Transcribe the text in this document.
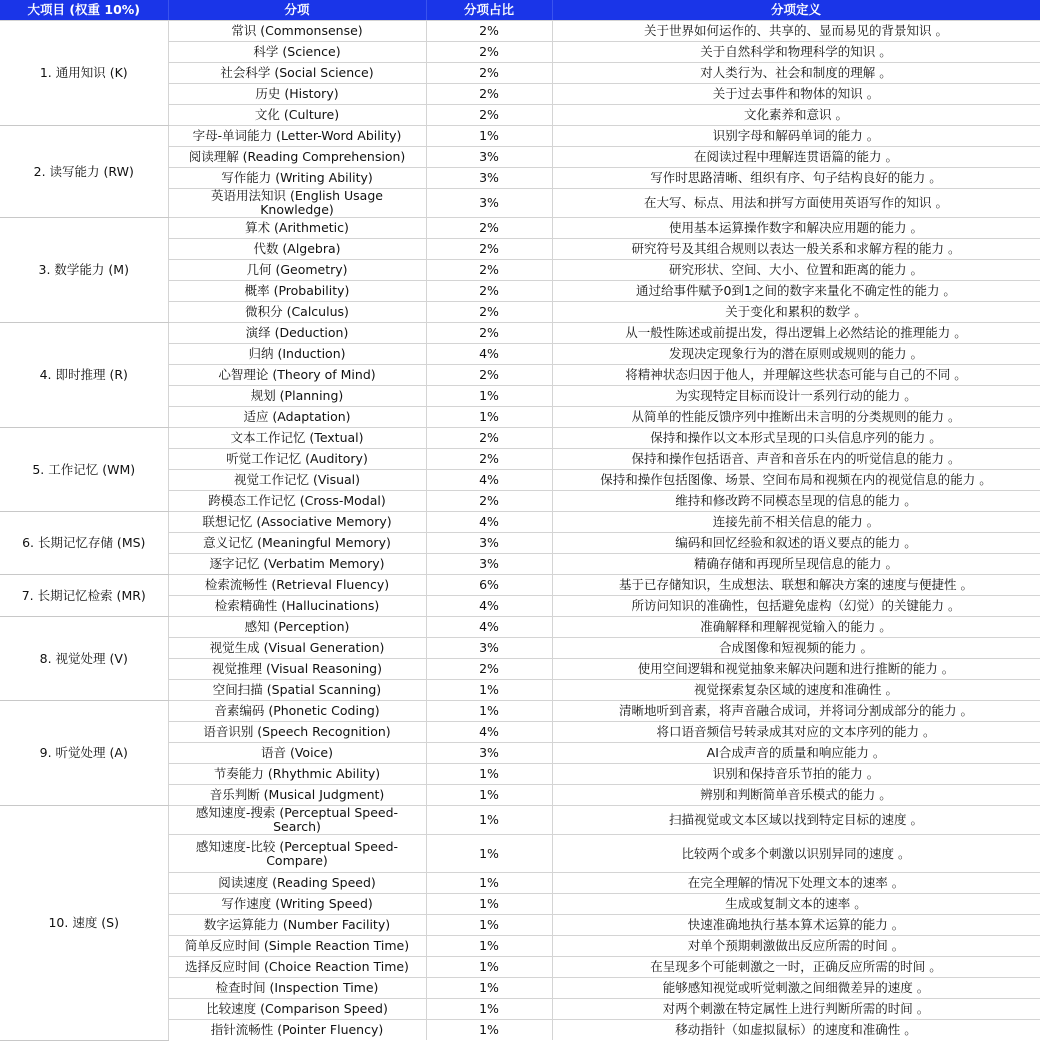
大项目 (权重 10%)	分项	分项占比	分项定义
1. 通用知识 (K)	常识 (Commonsense)	2%	关于世界如何运作的、共享的、显而易见的背景知识 。
	科学 (Science)	2%	关于自然科学和物理科学的知识 。
	社会科学 (Social Science)	2%	对人类行为、社会和制度的理解 。
	历史 (History)	2%	关于过去事件和物体的知识 。
	文化 (Culture)	2%	文化素养和意识 。
2. 读写能力 (RW)	字母-单词能力 (Letter-Word Ability)	1%	识别字母和解码单词的能力 。
	阅读理解 (Reading Comprehension)	3%	在阅读过程中理解连贯语篇的能力 。
	写作能力 (Writing Ability)	3%	写作时思路清晰、组织有序、句子结构良好的能力 。
	英语用法知识 (English Usage Knowledge)	3%	在大写、标点、用法和拼写方面使用英语写作的知识 。
3. 数学能力 (M)	算术 (Arithmetic)	2%	使用基本运算操作数字和解决应用题的能力 。
	代数 (Algebra)	2%	研究符号及其组合规则以表达一般关系和求解方程的能力 。
	几何 (Geometry)	2%	研究形状、空间、大小、位置和距离的能力 。
	概率 (Probability)	2%	通过给事件赋予0到1之间的数字来量化不确定性的能力 。
	微积分 (Calculus)	2%	关于变化和累积的数学 。
4. 即时推理 (R)	演绎 (Deduction)	2%	从一般性陈述或前提出发，得出逻辑上必然结论的推理能力 。
	归纳 (Induction)	4%	发现决定现象行为的潜在原则或规则的能力 。
	心智理论 (Theory of Mind)	2%	将精神状态归因于他人，并理解这些状态可能与自己的不同 。
	规划 (Planning)	1%	为实现特定目标而设计一系列行动的能力 。
	适应 (Adaptation)	1%	从简单的性能反馈序列中推断出未言明的分类规则的能力 。
5. 工作记忆 (WM)	文本工作记忆 (Textual)	2%	保持和操作以文本形式呈现的口头信息序列的能力 。
	听觉工作记忆 (Auditory)	2%	保持和操作包括语音、声音和音乐在内的听觉信息的能力 。
	视觉工作记忆 (Visual)	4%	保持和操作包括图像、场景、空间布局和视频在内的视觉信息的能力 。
	跨模态工作记忆 (Cross-Modal)	2%	维持和修改跨不同模态呈现的信息的能力 。
6. 长期记忆存储 (MS)	联想记忆 (Associative Memory)	4%	连接先前不相关信息的能力 。
	意义记忆 (Meaningful Memory)	3%	编码和回忆经验和叙述的语义要点的能力 。
	逐字记忆 (Verbatim Memory)	3%	精确存储和再现所呈现信息的能力 。
7. 长期记忆检索 (MR)	检索流畅性 (Retrieval Fluency)	6%	基于已存储知识，生成想法、联想和解决方案的速度与便捷性 。
	检索精确性 (Hallucinations)	4%	所访问知识的准确性，包括避免虚构（幻觉）的关键能力 。
8. 视觉处理 (V)	感知 (Perception)	4%	准确解释和理解视觉输入的能力 。
	视觉生成 (Visual Generation)	3%	合成图像和短视频的能力 。
	视觉推理 (Visual Reasoning)	2%	使用空间逻辑和视觉抽象来解决问题和进行推断的能力 。
	空间扫描 (Spatial Scanning)	1%	视觉探索复杂区域的速度和准确性 。
9. 听觉处理 (A)	音素编码 (Phonetic Coding)	1%	清晰地听到音素，将声音融合成词，并将词分割成部分的能力 。
	语音识别 (Speech Recognition)	4%	将口语音频信号转录成其对应的文本序列的能力 。
	语音 (Voice)	3%	AI合成声音的质量和响应能力 。
	节奏能力 (Rhythmic Ability)	1%	识别和保持音乐节拍的能力 。
	音乐判断 (Musical Judgment)	1%	辨别和判断简单音乐模式的能力 。
10. 速度 (S)	感知速度-搜索 (Perceptual Speed-Search)	1%	扫描视觉或文本区域以找到特定目标的速度 。
	感知速度-比较 (Perceptual Speed-Compare)	1%	比较两个或多个刺激以识别异同的速度 。
	阅读速度 (Reading Speed)	1%	在完全理解的情况下处理文本的速率 。
	写作速度 (Writing Speed)	1%	生成或复制文本的速率 。
	数字运算能力 (Number Facility)	1%	快速准确地执行基本算术运算的能力 。
	简单反应时间 (Simple Reaction Time)	1%	对单个预期刺激做出反应所需的时间 。
	选择反应时间 (Choice Reaction Time)	1%	在呈现多个可能刺激之一时，正确反应所需的时间 。
	检查时间 (Inspection Time)	1%	能够感知视觉或听觉刺激之间细微差异的速度 。
	比较速度 (Comparison Speed)	1%	对两个刺激在特定属性上进行判断所需的时间 。
	指针流畅性 (Pointer Fluency)	1%	移动指针（如虚拟鼠标）的速度和准确性 。
